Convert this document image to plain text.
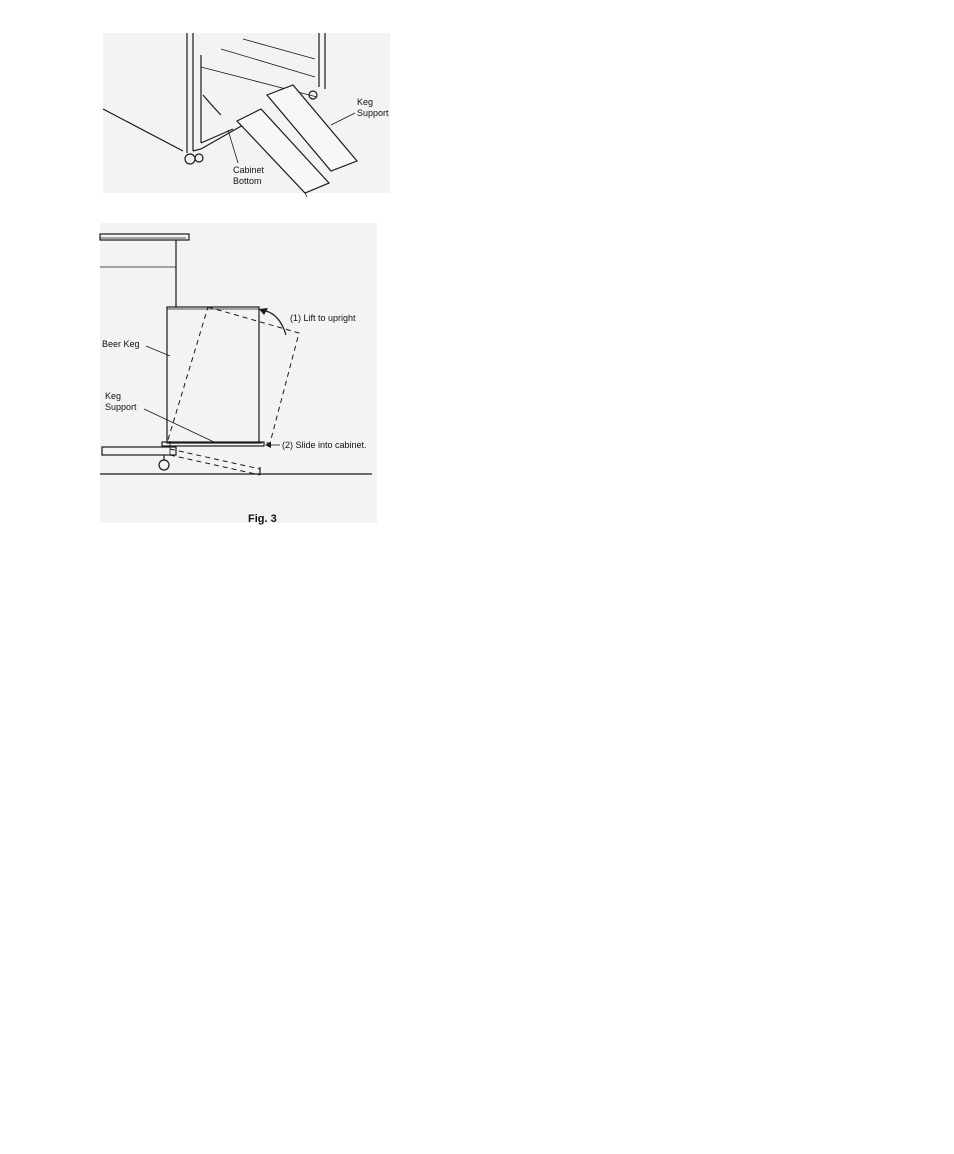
Keg
Support
Cabinet
Bottom
Beer Keg
Keg
Support
(1) Lift to upright
(2) Slide into cabinet.
Fig. 3
